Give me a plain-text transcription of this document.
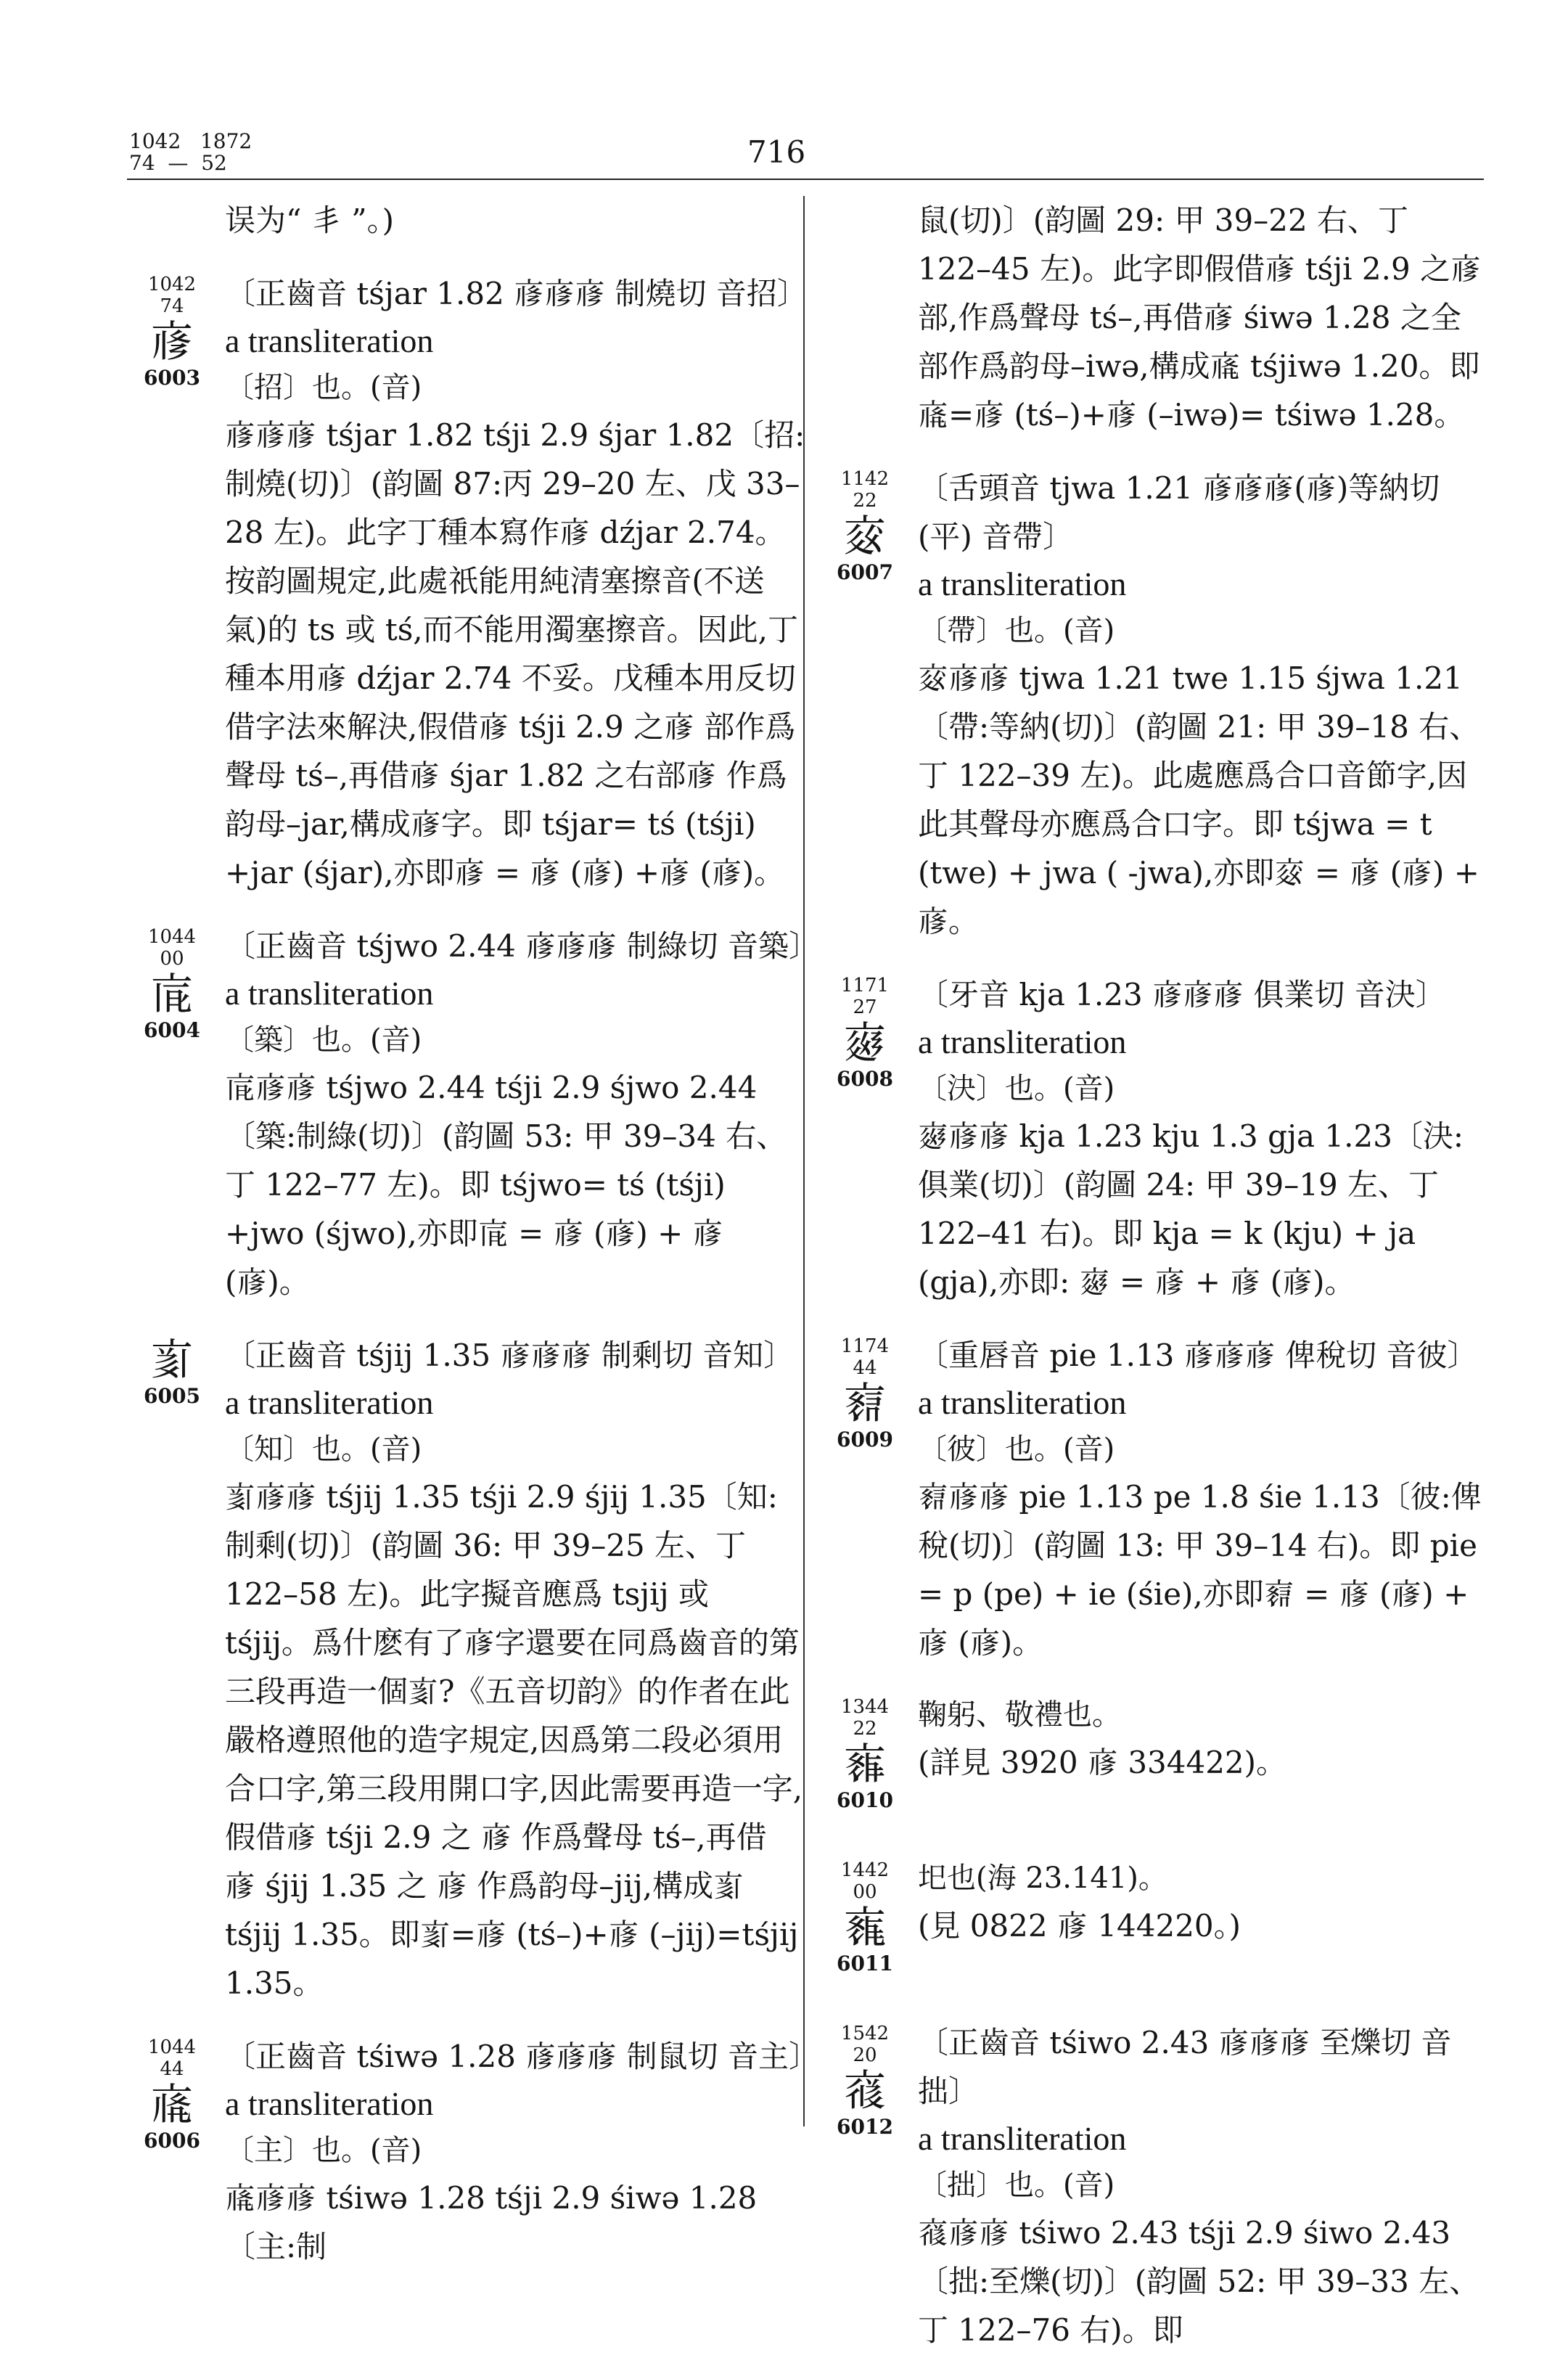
1042   1872
74  —  52	716

误为“ 丯 ”。)

1042
74
𗇋
6003

〔正齒音 tśjar 1.82 𗇋𗇋𗇋 制燒切 音招〕

a transliteration

〔招〕也。(音)

𗇋𗇋𗇋 tśjar 1.82 tśji 2.9 śjar 1.82〔招:制燒(切)〕(韵圖 87:丙 29–20 左、戊 33–28 左)。此字丁種本寫作𗇋 dźjar 2.74。按韵圖規定,此處祇能用純清塞擦音(不送氣)的 ts 或 tś,而不能用濁塞擦音。因此,丁種本用𗇋 dźjar 2.74 不妥。戊種本用反切借字法來解決,假借𗇋 tśji 2.9 之𗇋 部作爲聲母 tś–,再借𗇋 śjar 1.82 之右部𗇋 作爲韵母–jar,構成𗇋字。即 tśjar= tś (tśji) +jar (śjar),亦即𗇋 = 𗇋 (𗇋) +𗇋 (𗇋)。

1044
00
𗇌
6004

〔正齒音 tśjwo 2.44 𗇋𗇋𗇋 制綠切 音築〕

a transliteration

〔築〕也。(音)

𗇌𗇋𗇋 tśjwo 2.44 tśji 2.9 śjwo 2.44〔築:制綠(切)〕(韵圖 53: 甲 39–34 右、丁 122–77 左)。即 tśjwo= tś (tśji) +jwo (śjwo),亦即𗇌 = 𗇋 (𗇋) + 𗇋 (𗇋)。

𗇍
6005

〔正齒音 tśjij 1.35 𗇋𗇋𗇋 制剩切 音知〕

a transliteration

〔知〕也。(音)

𗇍𗇋𗇋 tśjij 1.35 tśji 2.9 śjij 1.35〔知:制剩(切)〕(韵圖 36: 甲 39–25 左、丁 122–58 左)。此字擬音應爲 tsjij 或 tśjij。爲什麽有了𗇋字還要在同爲齒音的第三段再造一個𗇍?《五音切韵》的作者在此嚴格遵照他的造字規定,因爲第二段必須用合口字,第三段用開口字,因此需要再造一字,假借𗇋 tśji 2.9 之 𗇋 作爲聲母 tś–,再借 𗇋 śjij 1.35 之 𗇋 作爲韵母–jij,構成𗇍 tśjij 1.35。即𗇍=𗇋 (tś–)+𗇋 (–jij)=tśjij 1.35。

1044
44
𗇎
6006

〔正齒音 tśiwə 1.28 𗇋𗇋𗇋 制鼠切 音主〕

a transliteration

〔主〕也。(音)

𗇎𗇋𗇋 tśiwə 1.28 tśji 2.9 śiwə 1.28〔主:制

鼠(切)〕(韵圖 29: 甲 39–22 右、丁 122–45 左)。此字即假借𗇋 tśji 2.9 之𗇋 部,作爲聲母 tś–,再借𗇋 śiwə 1.28 之全部作爲韵母–iwə,構成𗇎 tśjiwə 1.20。即𗇎=𗇋 (tś–)+𗇋 (–iwə)= tśiwə 1.28。

1142
22
𗇏
6007

〔舌頭音 tjwa 1.21 𗇋𗇋𗇋(𗇋)等納切(平) 音帶〕

a transliteration

〔帶〕也。(音)

𗇏𗇋𗇋 tjwa 1.21 twe 1.15 śjwa 1.21〔帶:等納(切)〕(韵圖 21: 甲 39–18 右、丁 122–39 左)。此處應爲合口音節字,因此其聲母亦應爲合口字。即 tśjwa = t (twe) + jwa ( -jwa),亦即𗇏 = 𗇋 (𗇋) + 𗇋。

1171
27
𗇐
6008

〔牙音 kja 1.23 𗇋𗇋𗇋 俱業切 音決〕

a transliteration

〔決〕也。(音)

𗇐𗇋𗇋 kja 1.23 kju 1.3 gja 1.23〔決:俱業(切)〕(韵圖 24: 甲 39–19 左、丁 122–41 右)。即 kja = k (kju) + ja (gja),亦即: 𗇐 = 𗇋 + 𗇋 (𗇋)。

1174
44
𗇑
6009

〔重唇音 pie 1.13 𗇋𗇋𗇋 俾稅切 音彼〕

a transliteration

〔彼〕也。(音)

𗇑𗇋𗇋 pie 1.13 pe 1.8 śie 1.13〔彼:俾稅(切)〕(韵圖 13: 甲 39–14 右)。即 pie = p (pe) + ie (śie),亦即𗇑 = 𗇋 (𗇋) + 𗇋 (𗇋)。

1344
22
𗇒
6010

鞠躬、敬禮也。

(詳見 3920 𗇋 334422)。

1442
00
𗇓
6011

圯也(海 23.141)。

(見 0822 𗇋 144220。)

1542
20
𗇔
6012

〔正齒音 tśiwo 2.43 𗇋𗇋𗇋 至爍切 音拙〕

a transliteration

〔拙〕也。(音)

𗇔𗇋𗇋 tśiwo 2.43 tśji 2.9 śiwo 2.43〔拙:至爍(切)〕(韵圖 52: 甲 39–33 左、丁 122–76 右)。即
